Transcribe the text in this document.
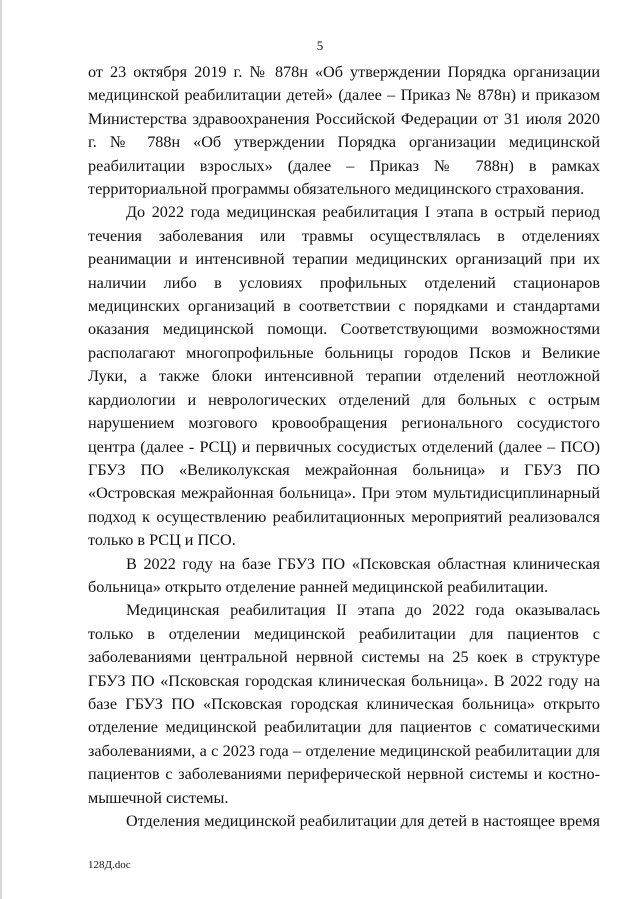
5

от 23 октября 2019 г. № 878н «Об утверждении Порядка организации медицинской реабилитации детей» (далее – Приказ № 878н) и приказом Министерства здравоохранения Российской Федерации от 31 июля 2020 г. № 788н «Об утверждении Порядка организации медицинской реабилитации взрослых» (далее – Приказ № 788н) в рамках территориальной программы обязательного медицинского страхования.

До 2022 года медицинская реабилитация I этапа в острый период течения заболевания или травмы осуществлялась в отделениях реанимации и интенсивной терапии медицинских организаций при их наличии либо в условиях профильных отделений стационаров медицинских организаций в соответствии с порядками и стандартами оказания медицинской помощи. Соответствующими возможностями располагают многопрофильные больницы городов Псков и Великие Луки, а также блоки интенсивной терапии отделений неотложной кардиологии и неврологических отделений для больных с острым нарушением мозгового кровообращения регионального сосудистого центра (далее - РСЦ) и первичных сосудистых отделений (далее – ПСО) ГБУЗ ПО «Великолукская межрайонная больница» и ГБУЗ ПО «Островская межрайонная больница». При этом мультидисциплинарный подход к осуществлению реабилитационных мероприятий реализовался только в РСЦ и ПСО.

В 2022 году на базе ГБУЗ ПО «Псковская областная клиническая больница» открыто отделение ранней медицинской реабилитации.

Медицинская реабилитация II этапа до 2022 года оказывалась только в отделении медицинской реабилитации для пациентов с заболеваниями центральной нервной системы на 25 коек в структуре ГБУЗ ПО «Псковская городская клиническая больница». В 2022 году на базе ГБУЗ ПО «Псковская городская клиническая больница» открыто отделение медицинской реабилитации для пациентов с соматическими заболеваниями, а с 2023 года – отделение медицинской реабилитации для пациентов с заболеваниями периферической нервной системы и костно-мышечной системы.

Отделения медицинской реабилитации для детей в настоящее время

128Д.doc
